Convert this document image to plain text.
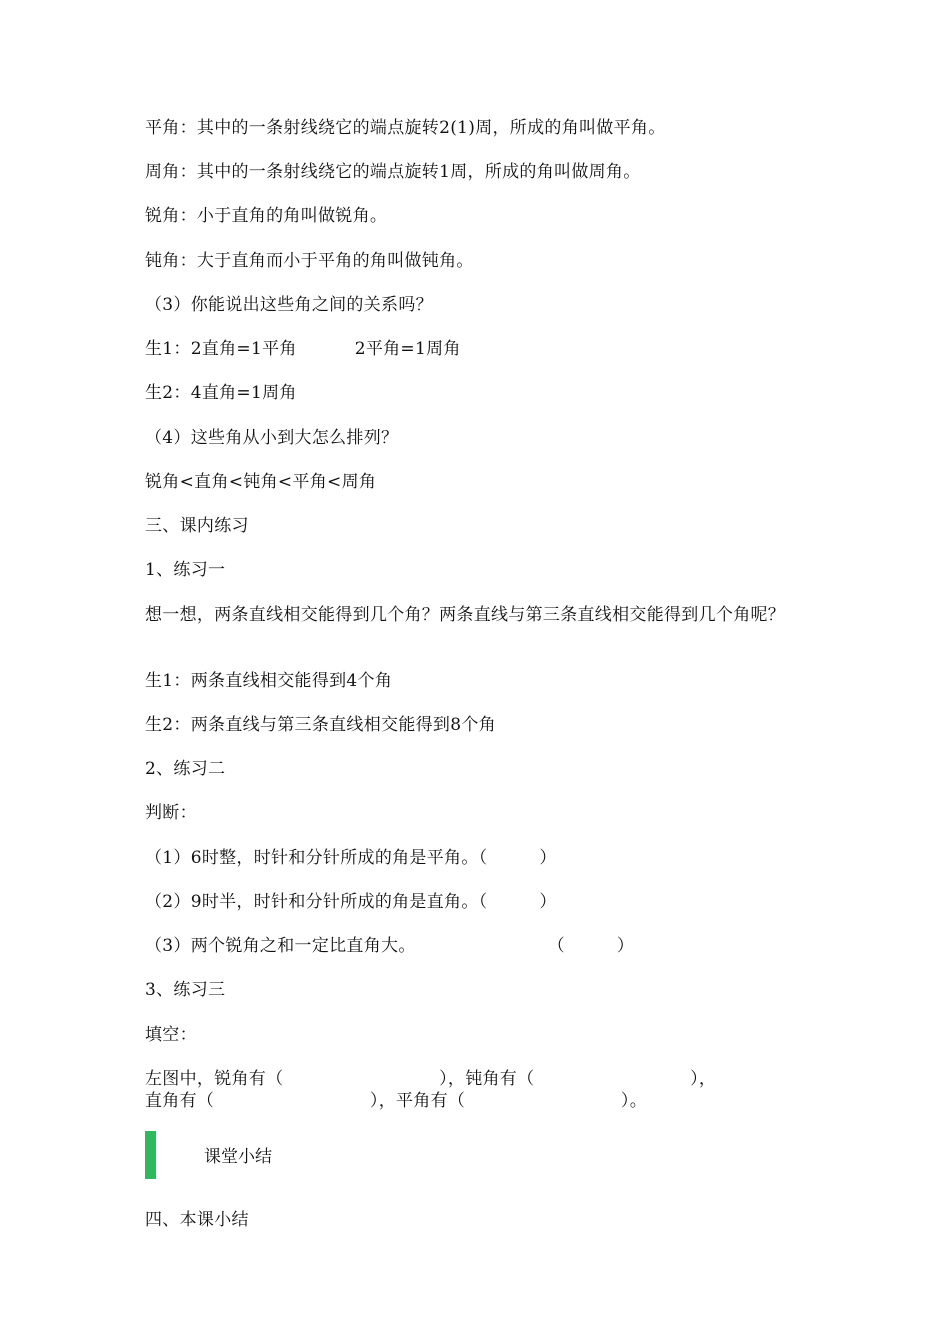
平角：其中的一条射线绕它的端点旋转2(1)周，所成的角叫做平角。
周角：其中的一条射线绕它的端点旋转1周，所成的角叫做周角。
锐角：小于直角的角叫做锐角。
钝角：大于直角而小于平角的角叫做钝角。
（3）你能说出这些角之间的关系吗？
生1：2直角=1平角	2平角=1周角
生2：4直角=1周角
（4）这些角从小到大怎么排列？
锐角<直角<钝角<平角<周角
三、课内练习
1、练习一
想一想，两条直线相交能得到几个角？两条直线与第三条直线相交能得到几个角呢？
生1：两条直线相交能得到4个角
生2：两条直线与第三条直线相交能得到8个角
2、练习二
判断：
（1）6时整，时针和分针所成的角是平角。（　　　）
（2）9时半，时针和分针所成的角是直角。（　　　）
（3）两个锐角之和一定比直角大。	（　　　）
3、练习三
填空：
左图中，锐角有（　　　　　　　　　），钝角有（　　　　　　　　　），
直角有（　　　　　　　　　），平角有（　　　　　　　　　）。
课堂小结
四、本课小结
